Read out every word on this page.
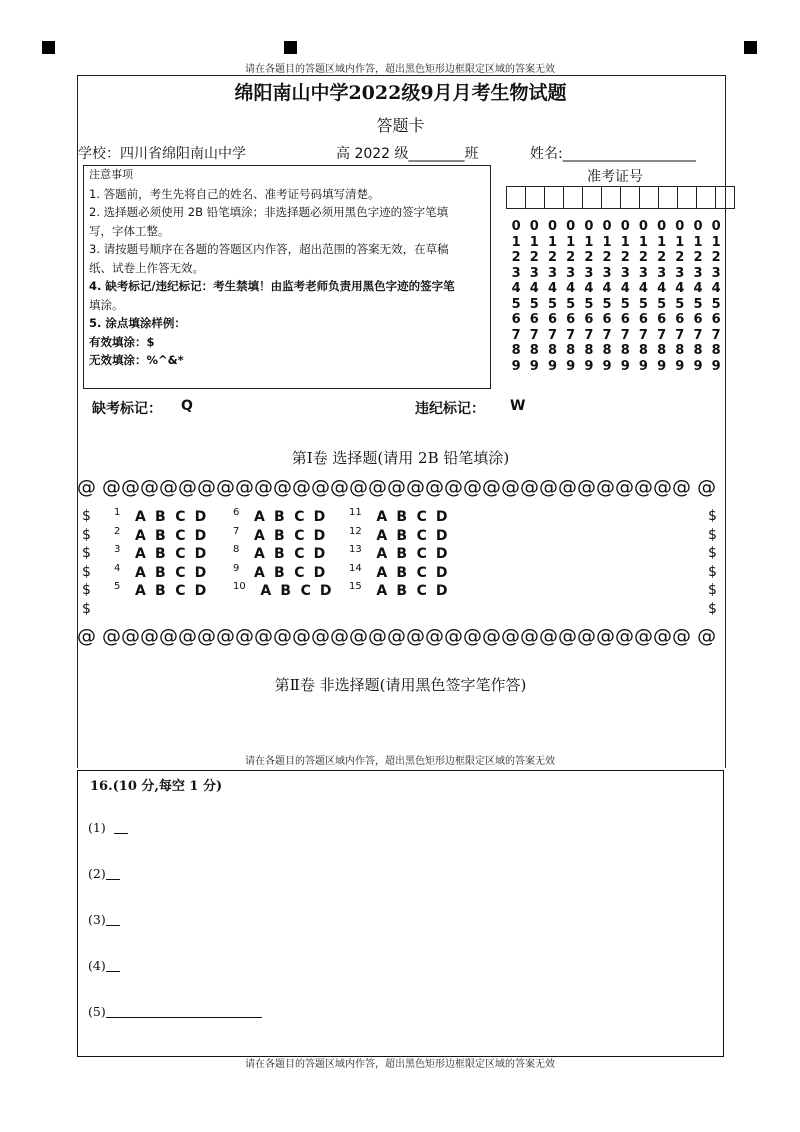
请在各题目的答题区域内作答，超出黑色矩形边框限定区域的答案无效
绵阳南山中学2022级9月月考生物试题
答题卡
学校：四川省绵阳南山中学	高 2022 级________班	姓名:___________________
注意事项
1. 答题前，考生先将自己的姓名、准考证号码填写清楚。
2. 选择题必须使用 2B 铅笔填涂；非选择题必须用黑色字迹的签字笔填
写，字体工整。
3. 请按题号顺序在各题的答题区内作答，超出范围的答案无效，在草稿
纸、试卷上作答无效。
4. 缺考标记/违纪标记：考生禁填！由监考老师负责用黑色字迹的签字笔
填涂。
5. 涂点填涂样例：
有效填涂：$
无效填涂：%^&*
准考证号
0 0 0 0 0 0 0 0 0 0 0 0
1 1 1 1 1 1 1 1 1 1 1 1
2 2 2 2 2 2 2 2 2 2 2 2
3 3 3 3 3 3 3 3 3 3 3 3
4 4 4 4 4 4 4 4 4 4 4 4
5 5 5 5 5 5 5 5 5 5 5 5
6 6 6 6 6 6 6 6 6 6 6 6
7 7 7 7 7 7 7 7 7 7 7 7
8 8 8 8 8 8 8 8 8 8 8 8
9 9 9 9 9 9 9 9 9 9 9 9
缺考标记： Q	违纪标记： W
第Ⅰ卷 选择题(请用 2B 铅笔填涂)
@ @@@@@@@@@@@@@@@@@@@@@@@@@@@@@@@ @
$
$
$
$
$
$
$
$
$
$
$
$
$^1$ A B C D
$^2$ A B C D
$^3$ A B C D
$^4$ A B C D
$^5$ A B C D
$^6$ A B C D
$^7$ A B C D
$^8$ A B C D
$^9$ A B C D
$^{10}$ A B C D
$^{11}$ A B C D
$^{12}$ A B C D
$^{13}$ A B C D
$^{14}$ A B C D
$^{15}$ A B C D
@ @@@@@@@@@@@@@@@@@@@@@@@@@@@@@@@ @
第Ⅱ卷 非选择题(请用黑色签字笔作答)
请在各题目的答题区域内作答，超出黑色矩形边框限定区域的答案无效
16.(10 分,每空 1 分)
(1)
(2)
(3)
(4)
(5)
请在各题目的答题区域内作答，超出黑色矩形边框限定区域的答案无效
